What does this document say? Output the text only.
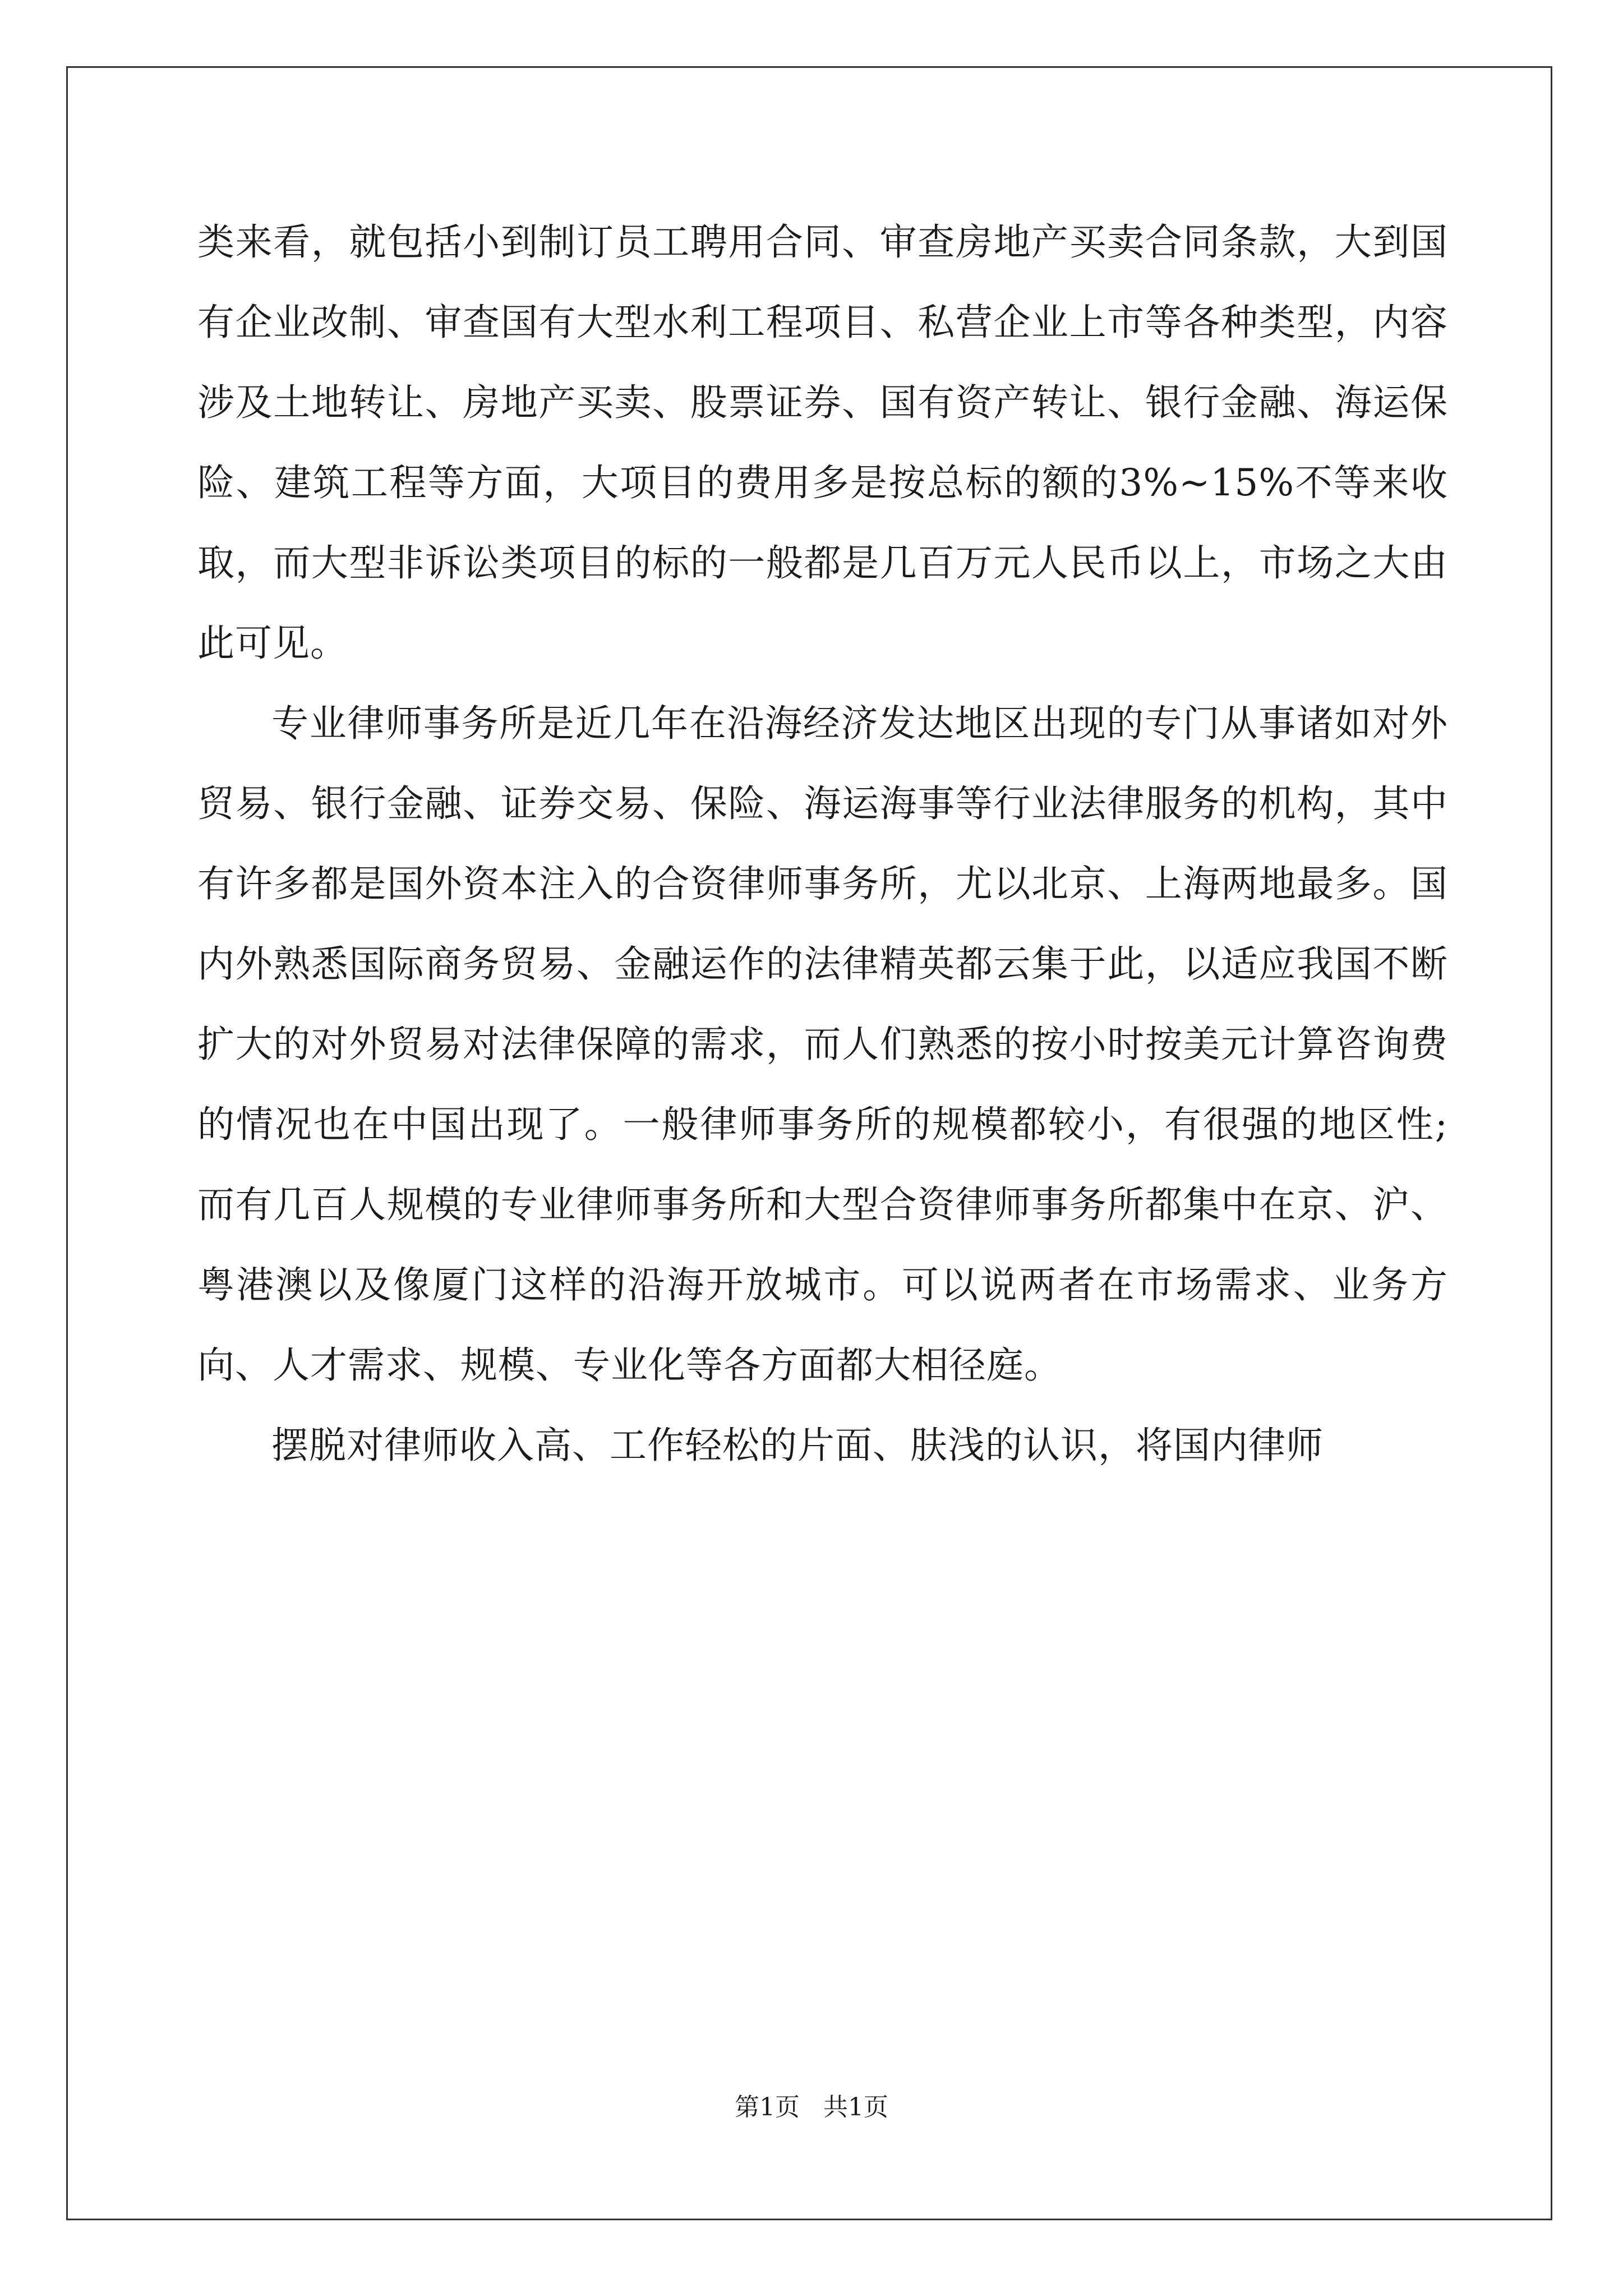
类来看，就包括小到制订员工聘用合同、审查房地产买卖合同条款，大到国有企业改制、审查国有大型水利工程项目、私营企业上市等各种类型，内容涉及土地转让、房地产买卖、股票证券、国有资产转让、银行金融、海运保险、建筑工程等方面，大项目的费用多是按总标的额的3%~15%不等来收取，而大型非诉讼类项目的标的一般都是几百万元人民币以上，市场之大由此可见。

专业律师事务所是近几年在沿海经济发达地区出现的专门从事诸如对外贸易、银行金融、证券交易、保险、海运海事等行业法律服务的机构，其中有许多都是国外资本注入的合资律师事务所，尤以北京、上海两地最多。国内外熟悉国际商务贸易、金融运作的法律精英都云集于此，以适应我国不断扩大的对外贸易对法律保障的需求，而人们熟悉的按小时按美元计算咨询费的情况也在中国出现了。一般律师事务所的规模都较小，有很强的地区性;而有几百人规模的专业律师事务所和大型合资律师事务所都集中在京、沪、粤港澳以及像厦门这样的沿海开放城市。可以说两者在市场需求、业务方向、人才需求、规模、专业化等各方面都大相径庭。

摆脱对律师收入高、工作轻松的片面、肤浅的认识，将国内律师

第1页   共1页
